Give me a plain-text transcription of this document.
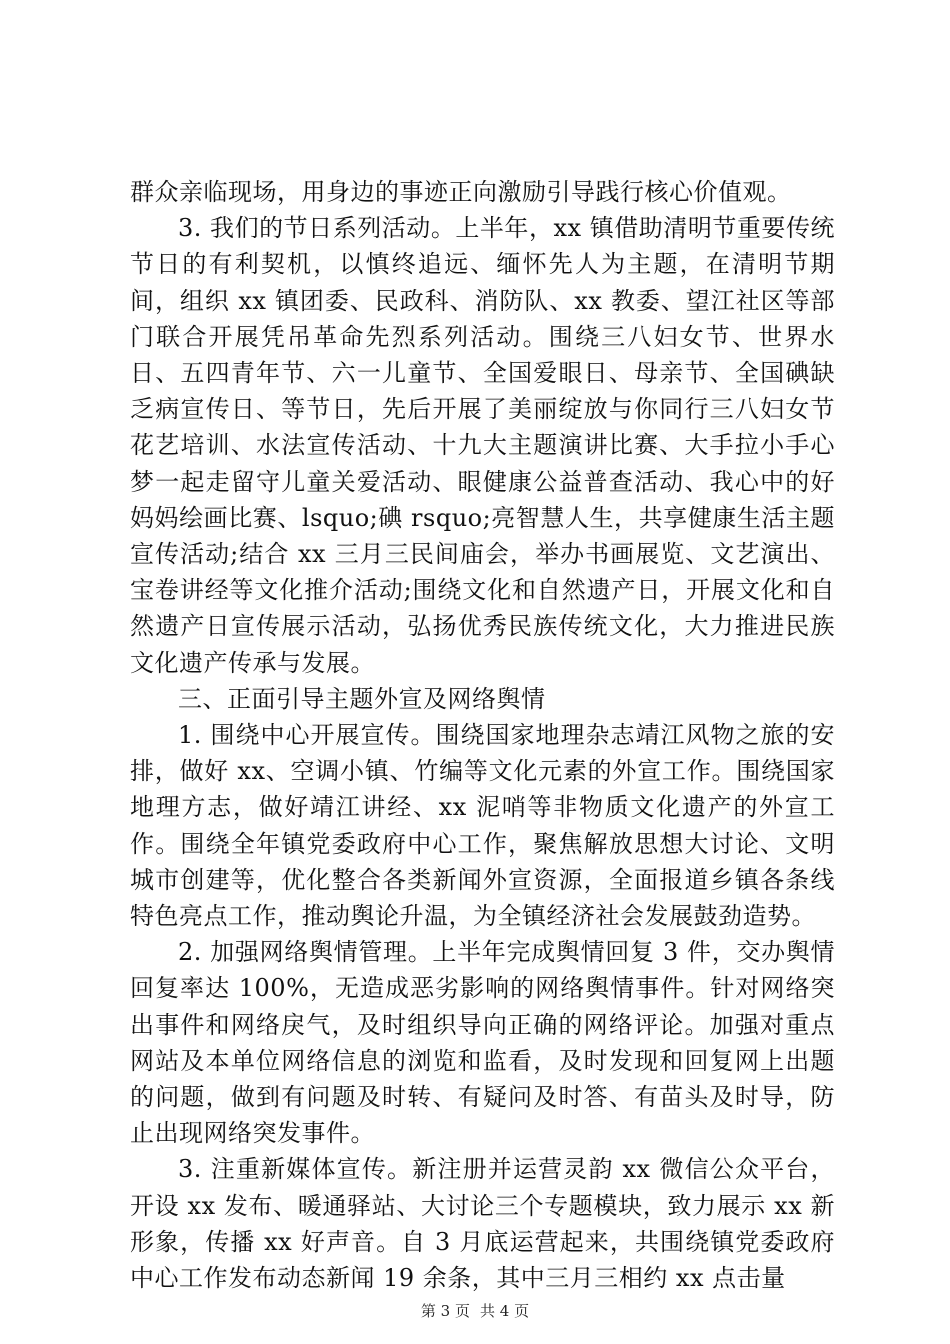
群众亲临现场，用身边的事迹正向激励引导践行核心价值观。

3. 我们的节日系列活动。上半年，xx 镇借助清明节重要传统节日的有利契机，以慎终追远、缅怀先人为主题，在清明节期间，组织 xx 镇团委、民政科、消防队、xx 教委、望江社区等部门联合开展凭吊革命先烈系列活动。围绕三八妇女节、世界水日、五四青年节、六一儿童节、全国爱眼日、母亲节、全国碘缺乏病宣传日、等节日，先后开展了美丽绽放与你同行三八妇女节花艺培训、水法宣传活动、十九大主题演讲比赛、大手拉小手心梦一起走留守儿童关爱活动、眼健康公益普查活动、我心中的好妈妈绘画比赛、lsquo;碘 rsquo;亮智慧人生，共享健康生活主题宣传活动;结合 xx 三月三民间庙会，举办书画展览、文艺演出、宝卷讲经等文化推介活动;围绕文化和自然遗产日，开展文化和自然遗产日宣传展示活动，弘扬优秀民族传统文化，大力推进民族文化遗产传承与发展。

三、正面引导主题外宣及网络舆情

1. 围绕中心开展宣传。围绕国家地理杂志靖江风物之旅的安排，做好 xx、空调小镇、竹编等文化元素的外宣工作。围绕国家地理方志，做好靖江讲经、xx 泥哨等非物质文化遗产的外宣工作。围绕全年镇党委政府中心工作，聚焦解放思想大讨论、文明城市创建等，优化整合各类新闻外宣资源，全面报道乡镇各条线特色亮点工作，推动舆论升温，为全镇经济社会发展鼓劲造势。

2. 加强网络舆情管理。上半年完成舆情回复 3 件，交办舆情回复率达 100%，无造成恶劣影响的网络舆情事件。针对网络突出事件和网络戾气，及时组织导向正确的网络评论。加强对重点网站及本单位网络信息的浏览和监看，及时发现和回复网上出题的问题，做到有问题及时转、有疑问及时答、有苗头及时导，防止出现网络突发事件。

3. 注重新媒体宣传。新注册并运营灵韵 xx 微信公众平台，开设 xx 发布、暖通驿站、大讨论三个专题模块，致力展示 xx 新形象，传播 xx 好声音。自 3 月底运营起来，共围绕镇党委政府中心工作发布动态新闻 19 余条，其中三月三相约 xx 点击量

第 3 页 共 4 页
